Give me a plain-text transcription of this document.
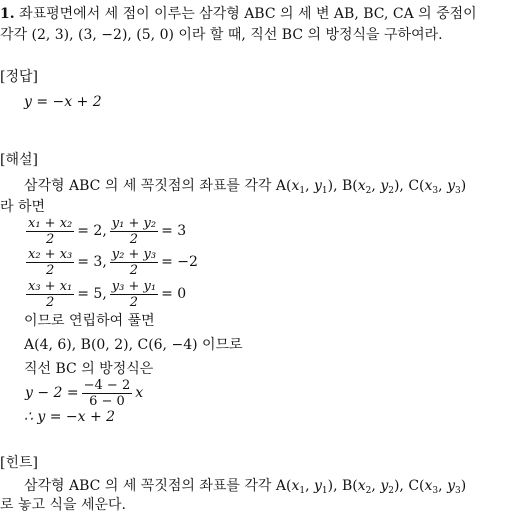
1. 좌표평면에서 세 점이 이루는 삼각형 ABC 의 세 변 AB, BC, CA 의 중점이
각각 (2, 3), (3, −2), (5, 0) 이라 할 때, 직선 BC 의 방정식을 구하여라.
[정답]
y = −x + 2
[해설]
삼각형 ABC 의 세 꼭짓점의 좌표를 각각 $A(x_1$, $y_1$), $B(x_2$, $y_2$), $C(x_3$, $y_3$)
라 하면
$\frac{\text{x₁ + x₂}}{2} = 2$, $\frac{\text{y₁ + y₂}}{2} = 3$
$\frac{\text{x₂ + x₃}}{2} = 3$, $\frac{\text{y₂ + y₃}}{2} = -2$
$\frac{\text{x₃ + x₁}}{2} = 5$, $\frac{\text{y₃ + y₁}}{2} = 0$
이므로 연립하여 풀면
A(4, 6), B(0, 2), C(6, −4) 이므로
직선 BC 의 방정식은
$y - 2 = \frac{-4 - 2}{6 - 0}$ x
∴ y = −x + 2
[힌트]
삼각형 ABC 의 세 꼭짓점의 좌표를 각각 $A(x_1$, $y_1$), $B(x_2$, $y_2$), $C(x_3$, $y_3$)
로 놓고 식을 세운다.
